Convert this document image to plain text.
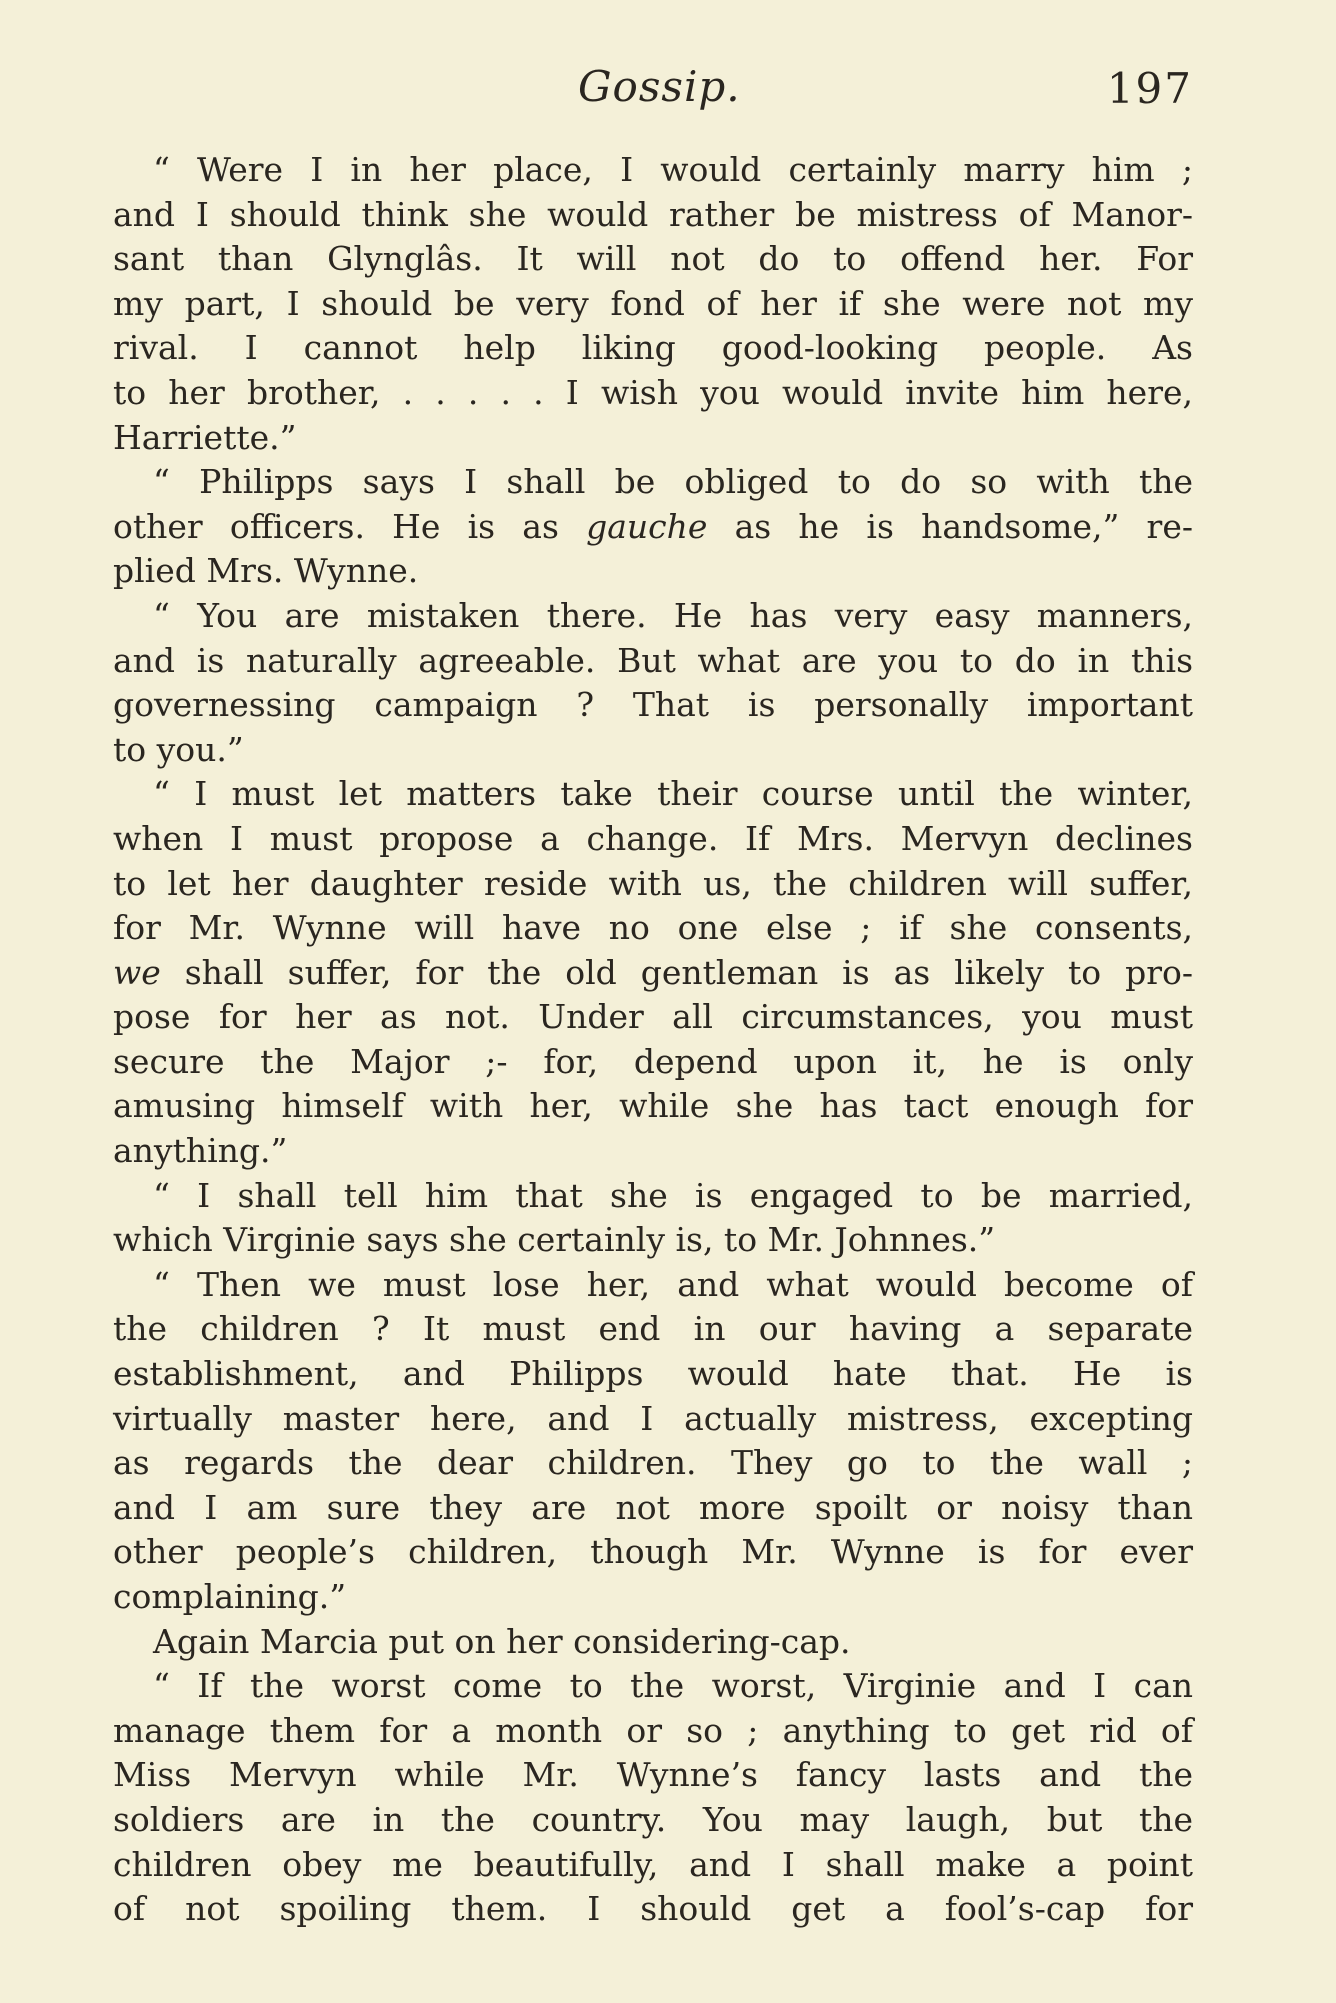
Gossip.	197
“ Were I in her place, I would certainly marry him ;
and I should think she would rather be mistress of Manor-
sant than Glynglâs. It will not do to offend her. For
my part, I should be very fond of her if she were not my
rival. I cannot help liking good-looking people. As
to her brother, . . . . . I wish you would invite him here,
Harriette.”
“ Philipps says I shall be obliged to do so with the
other officers. He is as gauche as he is handsome,” re-
plied Mrs. Wynne.
“ You are mistaken there. He has very easy manners,
and is naturally agreeable. But what are you to do in this
governessing campaign ? That is personally important
to you.”
“ I must let matters take their course until the winter,
when I must propose a change. If Mrs. Mervyn declines
to let her daughter reside with us, the children will suffer,
for Mr. Wynne will have no one else ; if she consents,
we shall suffer, for the old gentleman is as likely to pro-
pose for her as not. Under all circumstances, you must
secure the Major ;- for, depend upon it, he is only
amusing himself with her, while she has tact enough for
anything.”
“ I shall tell him that she is engaged to be married,
which Virginie says she certainly is, to Mr. Johnnes.”
“ Then we must lose her, and what would become of
the children ? It must end in our having a separate
establishment, and Philipps would hate that. He is
virtually master here, and I actually mistress, excepting
as regards the dear children. They go to the wall ;
and I am sure they are not more spoilt or noisy than
other people’s children, though Mr. Wynne is for ever
complaining.”
Again Marcia put on her considering-cap.
“ If the worst come to the worst, Virginie and I can
manage them for a month or so ; anything to get rid of
Miss Mervyn while Mr. Wynne’s fancy lasts and the
soldiers are in the country. You may laugh, but the
children obey me beautifully, and I shall make a point
of not spoiling them. I should get a fool’s-cap for
